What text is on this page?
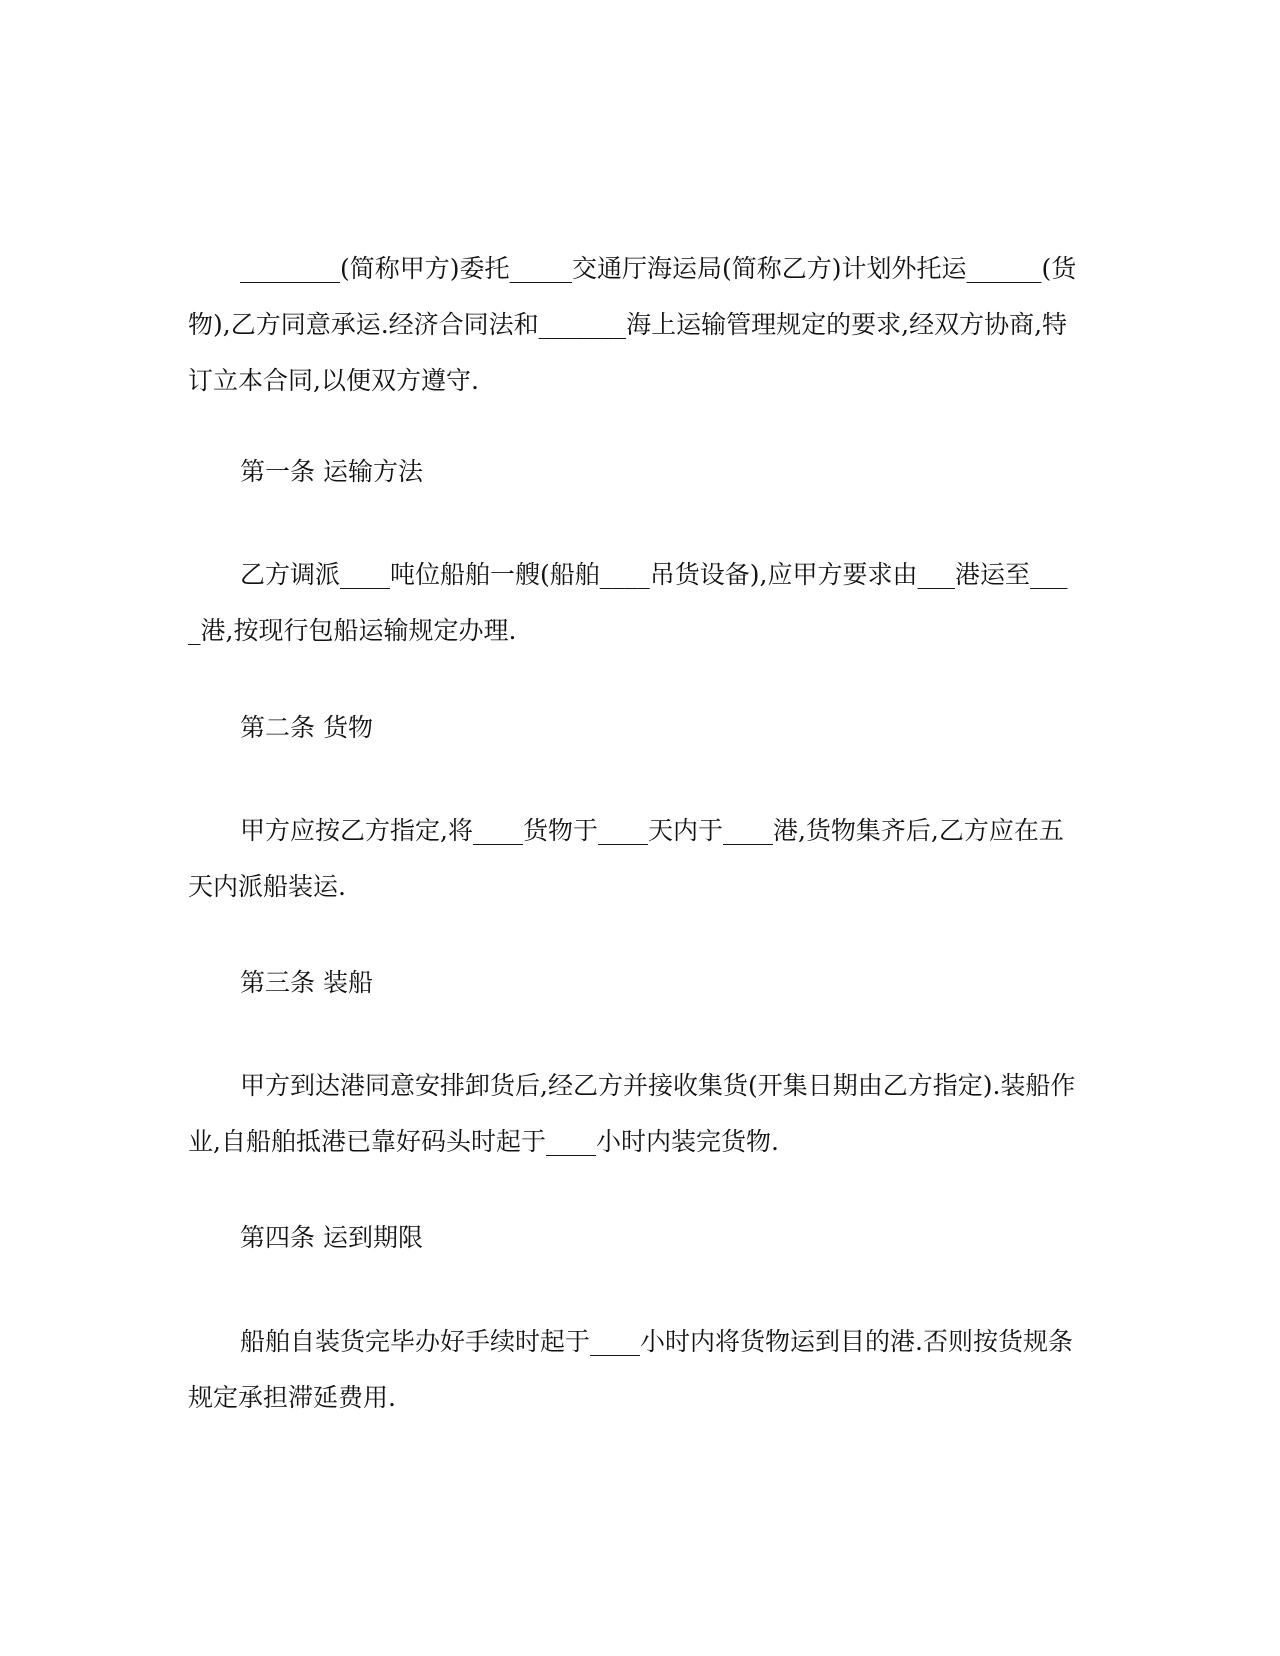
________(简称甲方)委托_____交通厅海运局(简称乙方)计划外托运______(货物),乙方同意承运.经济合同法和_______海上运输管理规定的要求,经双方协商,特订立本合同,以便双方遵守.

第一条 运输方法

乙方调派____吨位船舶一艘(船舶____吊货设备),应甲方要求由___港运至____港,按现行包船运输规定办理.

第二条 货物

甲方应按乙方指定,将____货物于____天内于____港,货物集齐后,乙方应在五天内派船装运.

第三条 装船

甲方到达港同意安排卸货后,经乙方并接收集货(开集日期由乙方指定).装船作业,自船舶抵港已靠好码头时起于____小时内装完货物.

第四条 运到期限

船舶自装货完毕办好手续时起于____小时内将货物运到目的港.否则按货规条规定承担滞延费用.
